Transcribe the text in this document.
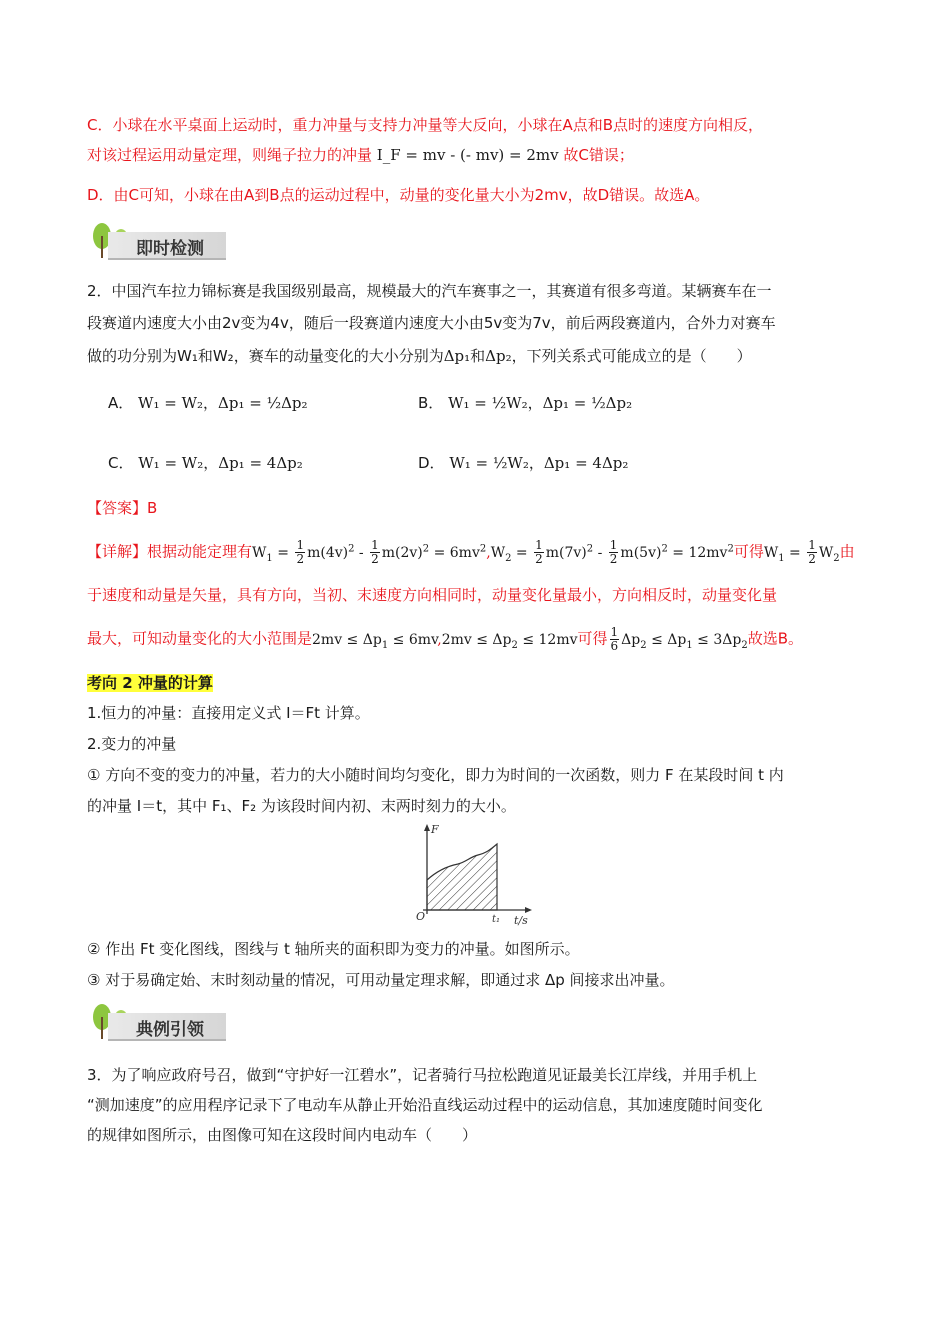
C．小球在水平桌面上运动时，重力冲量与支持力冲量等大反向，小球在A点和B点时的速度方向相反，
对该过程运用动量定理，则绳子拉力的冲量 I_F = mv - (- mv) = 2mv 故C错误；
D．由C可知，小球在由A到B点的运动过程中，动量的变化量大小为2mv，故D错误。故选A。
即时检测
2．中国汽车拉力锦标赛是我国级别最高，规模最大的汽车赛事之一，其赛道有很多弯道。某辆赛车在一
段赛道内速度大小由2v变为4v，随后一段赛道内速度大小由5v变为7v，前后两段赛道内，合外力对赛车
做的功分别为W₁和W₂，赛车的动量变化的大小分别为Δp₁和Δp₂，下列关系式可能成立的是（　　）
A． W₁ = W₂，Δp₁ = ½Δp₂	B． W₁ = ½W₂，Δp₁ = ½Δp₂
C． W₁ = W₂，Δp₁ = 4Δp₂	D． W₁ = ½W₂，Δp₁ = 4Δp₂
【答案】B
【详解】根据动能定理有$W_1 = \frac{1}{2} m(4v)^2 - \frac{1}{2} m(2v)^2 = 6mv^2,W_2 = \frac{1}{2} m(7v)^2 - \frac{1}{2} m(5v)^2 = 12mv^2$可得$W_1 = \frac{1}{2} W_2$由
于速度和动量是矢量，具有方向，当初、末速度方向相同时，动量变化量最小，方向相反时，动量变化量
最大，可知动量变化的大小范围是$2mv \le \Delta p_1 \le 6mv,2mv \le \Delta p_2 \le 12mv$可得 $\frac{1}{6} \Delta p_2 \le \Delta p_1 \le 3\Delta p_2$故选B。
考向 2 冲量的计算
1.恒力的冲量：直接用定义式 I＝Ft 计算。
2.变力的冲量
① 方向不变的变力的冲量，若力的大小随时间均匀变化，即力为时间的一次函数，则力 F 在某段时间 t 内
的冲量 I＝t，其中 F₁、F₂ 为该段时间内初、末两时刻力的大小。
F
O	t₁ t/s
② 作出 Ft 变化图线，图线与 t 轴所夹的面积即为变力的冲量。如图所示。
③ 对于易确定始、末时刻动量的情况，可用动量定理求解，即通过求 Δp 间接求出冲量。
典例引领
3．为了响应政府号召，做到“守护好一江碧水”，记者骑行马拉松跑道见证最美长江岸线，并用手机上
“测加速度”的应用程序记录下了电动车从静止开始沿直线运动过程中的运动信息，其加速度随时间变化
的规律如图所示，由图像可知在这段时间内电动车（　　）
